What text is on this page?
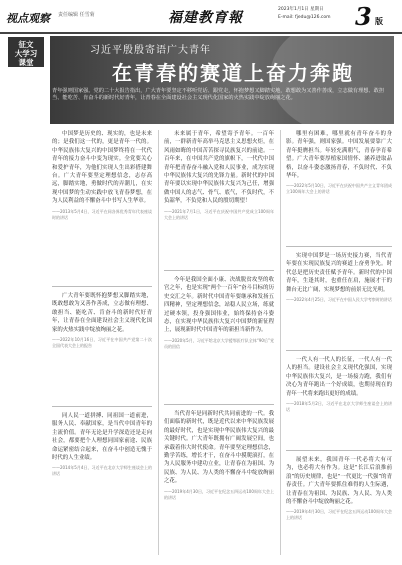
视点观察 责任编辑 任雪菊	福建教育報
2023年1月1日 星期日
E-mail: fjedu@126.com 3 版
征文
大学习
课堂
习近平殷殷寄语广大青年
在青春的赛道上奋力奔跑
青年强则国家强。党的二十大报告指出，广大青年要坚定不移听党话、跟党走，怀抱梦想又脚踏实地，敢想敢为又善作善成，立志做有理想、敢担当、能吃苦、肯奋斗的新时代好青年，让青春在全面建设社会主义现代化国家的火热实践中绽放绚丽之花。

中国梦是历史的、现实的，也是未来的；是我们这一代的，更是青年一代的。中华民族伟大复兴的中国梦终将在一代代青年的接力奋斗中变为现实。全党要关心和爱护青年，为他们实现人生出彩搭建舞台。广大青年要坚定理想信念，志存高远，脚踏实地，勇做时代的弄潮儿，在实现中国梦的生动实践中放飞青春梦想，在为人民利益的不懈奋斗中书写人生华章。

——2013年5月4日，习近平在同各界优秀青年代表座谈时的讲话

广大青年要既怀抱梦想又脚踏实地，既敢想敢为又善作善成，立志做有理想、敢担当、能吃苦、肯奋斗的新时代好青年，让青春在全面建设社会主义现代化国家的火热实践中绽放绚丽之花。

——2022年10月16日，习近平在中国共产党第二十次全国代表大会上的报告

同人民一道拼搏、同祖国一道前进，服务人民、奉献国家，是当代中国青年的主流价值。青年无论是升学深造还是走向社会，都要把个人理想同国家前途、民族命运紧密结合起来，在奋斗中创造无愧于时代的人生业绩。

——2014年5月4日，习近平在北京大学师生座谈会上的讲话

未来属于青年，希望寄予青年。一百年前，一群新青年高举马克思主义思想火炬，在风雨如晦的中国苦苦探寻民族复兴的前途。一百年来，在中国共产党的旗帜下，一代代中国青年把青春奋斗融入党和人民事业，成为实现中华民族伟大复兴的先锋力量。新时代的中国青年要以实现中华民族伟大复兴为己任，增强做中国人的志气、骨气、底气，不负时代，不负韶华，不负党和人民的殷切期望！

——2021年7月1日，习近平在庆祝中国共产党成立100周年大会上的讲话

今年是我国全面小康、决战脱贫攻坚的收官之年，也是实现“两个一百年”奋斗目标的历史交汇之年。新时代中国青年要继承和发扬五四精神，坚定理想信念，站稳人民立场，练就过硬本领，投身强国伟业，始终保持奋斗姿态，在实现中华民族伟大复兴中国梦的新征程上，展现新时代中国青年的新担当新作为。

——2020年5月，习近平给北京大学援鄂医疗队全体“90后”党员的回信

当代青年是同新时代共同前进的一代。我们面临的新时代，既是近代以来中华民族发展的最好时代，也是实现中华民族伟大复兴的最关键时代。广大青年既拥有广阔发展空间，也承载着伟大时代使命。青年要坚定理想信念，勤学苦练，增长才干，在奋斗中摸爬滚打，在为人民服务中建功立业，让青春在为祖国、为民族、为人民、为人类的不懈奋斗中绽放绚丽之花。

——2019年4月30日，习近平在纪念五四运动100周年大会上的讲话

哪里有困难，哪里就有青年奋斗的身影。青年强，则国家强。中国发展要靠广大青年挺膺担当。年轻充满朝气，青春孕育希望。广大青年要厚植家国情怀、涵养进取品格，以奋斗姿态激扬青春，不负时代、不负华年。

——2022年5月10日，习近平在庆祝中国共产主义青年团成立100周年大会上的讲话

实现中国梦是一场历史接力赛，当代青年要在实现民族复兴的赛道上奋勇争先。时代总是把历史责任赋予青年。新时代的中国青年，生逢其时，也重任在肩，施展才干的舞台无比广阔，实现梦想的前景无比光明。

——2022年4月25日，习近平在中国人民大学考察时的讲话

一代人有一代人的长征，一代人有一代人的担当。建设社会主义现代化强国，实现中华民族伟大复兴，是一场接力跑，我们有决心为青年跑出一个好成绩，也期待现在的青年一代将来跑出更好的成绩。

——2018年5月2日，习近平在北京大学师生座谈会上的讲话

展望未来，我国青年一代必将大有可为，也必将大有作为。这是“长江后浪推前浪”的历史规律，也是“一代更比一代强”的青春责任。广大青年要抓住难得的人生际遇，让青春在为祖国、为民族、为人民、为人类的不懈奋斗中绽放绚丽之花。

——2019年4月30日，习近平在纪念五四运动100周年大会上的讲话
